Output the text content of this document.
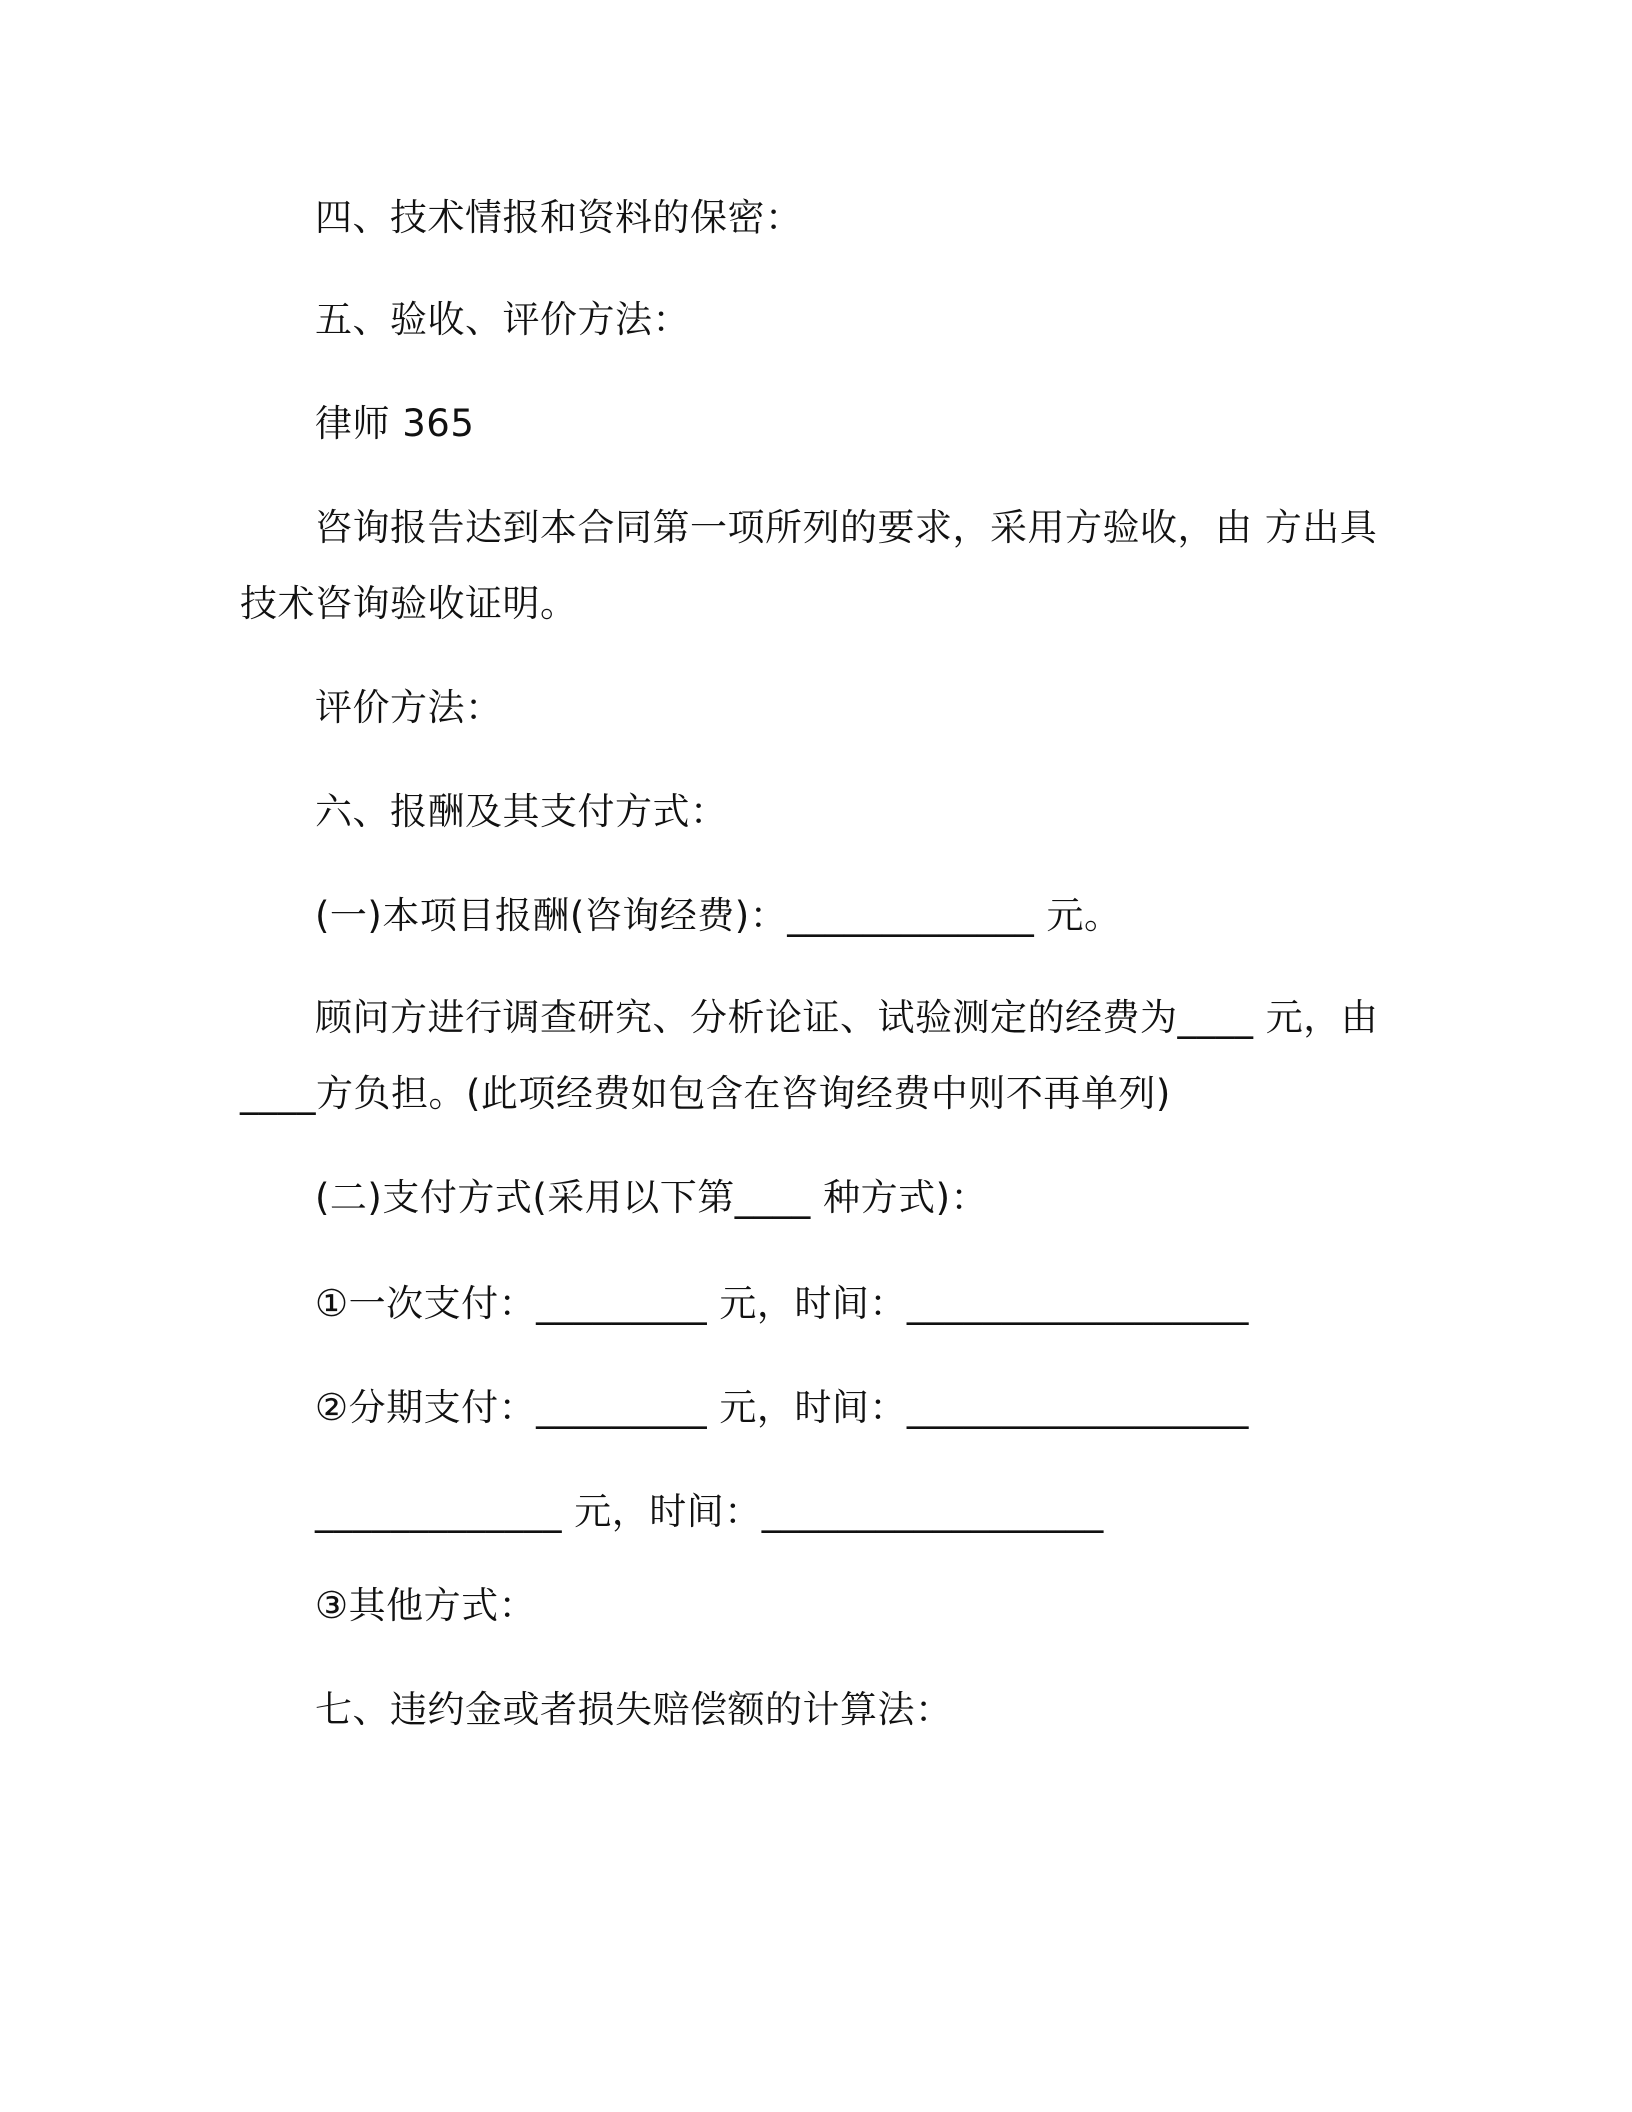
四、技术情报和资料的保密：
五、验收、评价方法：
律师 365
咨询报告达到本合同第一项所列的要求，采用方验收，由 方出具
技术咨询验收证明。
评价方法：
六、报酬及其支付方式：
(一)本项目报酬(咨询经费)：_____________ 元。
顾问方进行调查研究、分析论证、试验测定的经费为____ 元，由
____方负担。(此项经费如包含在咨询经费中则不再单列)
(二)支付方式(采用以下第____ 种方式)：
①一次支付：_________ 元，时间：__________________
②分期支付：_________ 元，时间：__________________
_____________ 元，时间：__________________
③其他方式：
七、违约金或者损失赔偿额的计算法：
